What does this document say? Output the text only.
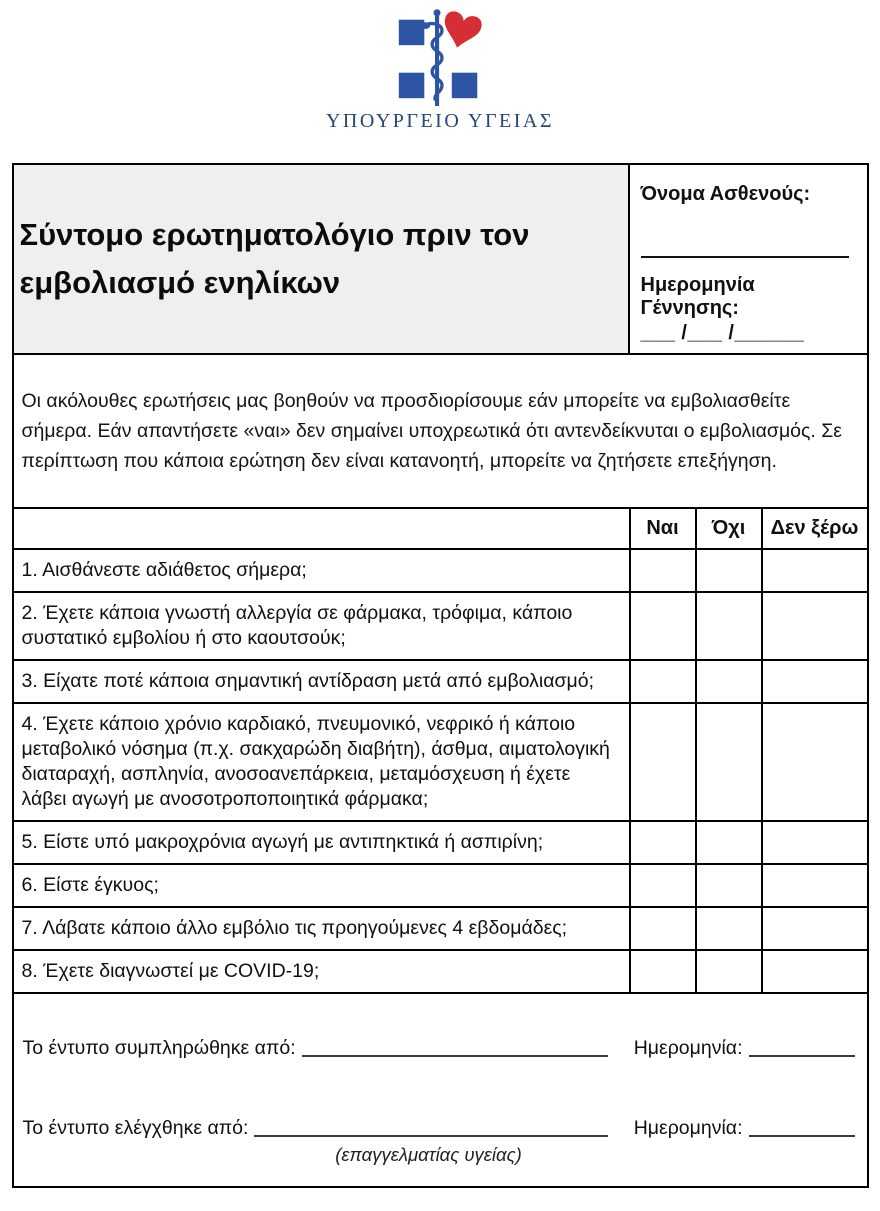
ΥΠΟΥΡΓΕΙΟ ΥΓΕΙΑΣ
Σύντομο ερωτηματολόγιο πριν τον εμβολιασμό ενηλίκων
Όνομα Ασθενούς:
Ημερομηνία Γέννησης:
___ /___ /______
Οι ακόλουθες ερωτήσεις μας βοηθούν να προσδιορίσουμε εάν μπορείτε να εμβολιασθείτε σήμερα. Εάν απαντήσετε «ναι» δεν σημαίνει υποχρεωτικά ότι αντενδείκνυται ο εμβολιασμός. Σε περίπτωση που κάποια ερώτηση δεν είναι κατανοητή, μπορείτε να ζητήσετε επεξήγηση.
	Ναι	Όχι	Δεν ξέρω
1. Αισθάνεστε αδιάθετος σήμερα;			
2. Έχετε κάποια γνωστή αλλεργία σε φάρμακα, τρόφιμα, κάποιο συστατικό εμβολίου ή στο καουτσούκ;			
3. Είχατε ποτέ κάποια σημαντική αντίδραση μετά από εμβολιασμό;			
4. Έχετε κάποιο χρόνιο καρδιακό, πνευμονικό, νεφρικό ή κάποιο μεταβολικό νόσημα (π.χ. σακχαρώδη διαβήτη), άσθμα, αιματολογική διαταραχή, ασπληνία, ανοσοανεπάρκεια, μεταμόσχευση ή έχετε λάβει αγωγή με ανοσοτροποποιητικά φάρμακα;			
5. Είστε υπό μακροχρόνια αγωγή με αντιπηκτικά ή ασπιρίνη;			
6. Είστε έγκυος;			
7. Λάβατε κάποιο άλλο εμβόλιο τις προηγούμενες 4 εβδομάδες;			
8. Έχετε διαγνωστεί με COVID-19;			
Το έντυπο συμπληρώθηκε από:	Ημερομηνία:
Το έντυπο ελέγχθηκε από:	Ημερομηνία:
(επαγγελματίας υγείας)
